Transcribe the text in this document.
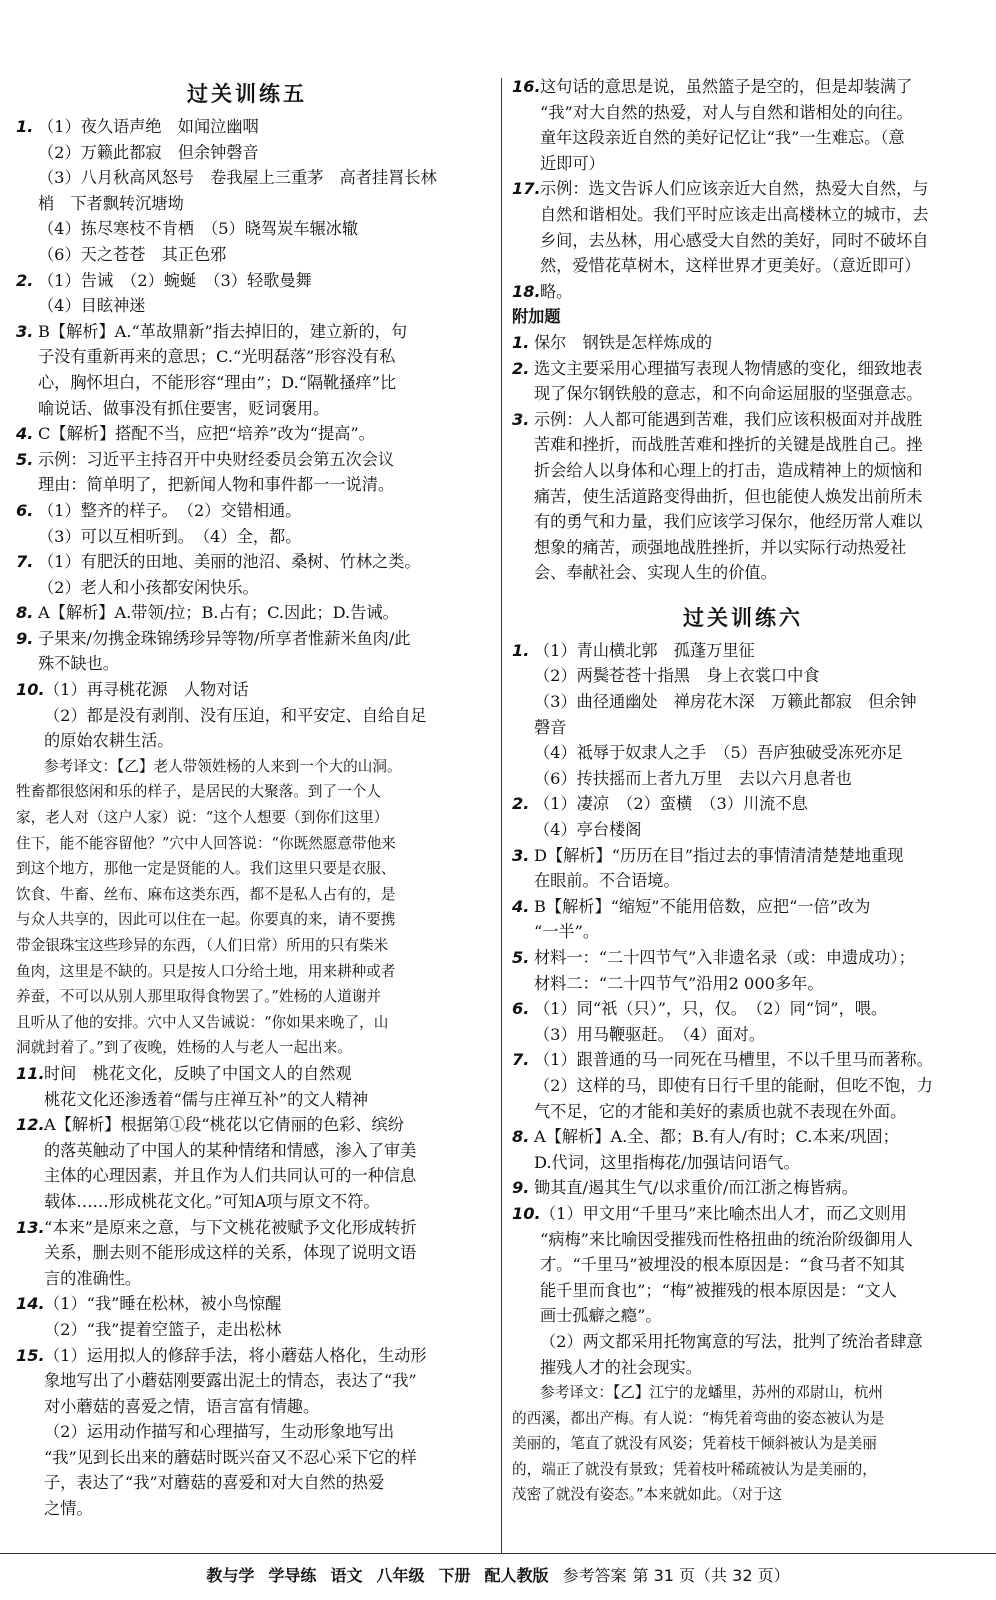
过关训练五
1. （1）夜久语声绝　如闻泣幽咽
（2）万籁此都寂　但余钟磬音
（3）八月秋高风怒号　卷我屋上三重茅　高者挂罥长林
梢　下者飘转沉塘坳
（4）拣尽寒枝不肯栖　（5）晓驾炭车辗冰辙
（6）天之苍苍　其正色邪
2. （1）告诫　（2）蜿蜒　（3）轻歌曼舞
（4）目眩神迷
3. B【解析】A.“革故鼎新”指去掉旧的，建立新的，句
子没有重新再来的意思；C.“光明磊落”形容没有私
心，胸怀坦白，不能形容“理由”；D.“隔靴搔痒”比
喻说话、做事没有抓住要害，贬词褒用。
4. C【解析】搭配不当，应把“培养”改为“提高”。
5. 示例：习近平主持召开中央财经委员会第五次会议
理由：简单明了，把新闻人物和事件都一一说清。
6. （1）整齐的样子。　（2）交错相通。
（3）可以互相听到。　（4）全，都。
7. （1）有肥沃的田地、美丽的池沼、桑树、竹林之类。
（2）老人和小孩都安闲快乐。
8. A【解析】A.带领/拉；B.占有；C.因此；D.告诫。
9. 子果来/勿携金珠锦绣珍异等物/所享者惟薪米鱼肉/此
殊不缺也。
10. （1）再寻桃花源　人物对话
（2）都是没有剥削、没有压迫，和平安定、自给自足
的原始农耕生活。
参考译文：【乙】老人带领姓杨的人来到一个大的山洞。
牲畜都很悠闲和乐的样子，是居民的大聚落。到了一个人
家，老人对（这户人家）说：“这个人想要（到你们这里）
住下，能不能容留他？”穴中人回答说：“你既然愿意带他来
到这个地方，那他一定是贤能的人。我们这里只要是衣服、
饮食、牛畜、丝布、麻布这类东西，都不是私人占有的，是
与众人共享的，因此可以住在一起。你要真的来，请不要携
带金银珠宝这些珍异的东西，（人们日常）所用的只有柴米
鱼肉，这里是不缺的。只是按人口分给土地，用来耕种或者
养蚕，不可以从别人那里取得食物罢了。”姓杨的人道谢并
且听从了他的安排。穴中人又告诫说：“你如果来晚了，山
洞就封着了。”到了夜晚，姓杨的人与老人一起出来。
11. 时间　桃花文化，反映了中国文人的自然观
桃花文化还渗透着“儒与庄禅互补”的文人精神
12. A【解析】根据第①段“桃花以它倩丽的色彩、缤纷
的落英触动了中国人的某种情绪和情感，渗入了审美
主体的心理因素，并且作为人们共同认可的一种信息
载体……形成桃花文化。”可知A项与原文不符。
13. “本来”是原来之意，与下文桃花被赋予文化形成转折
关系，删去则不能形成这样的关系，体现了说明文语
言的准确性。
14. （1）“我”睡在松林，被小鸟惊醒
（2）“我”提着空篮子，走出松林
15. （1）运用拟人的修辞手法，将小蘑菇人格化，生动形
象地写出了小蘑菇刚要露出泥土的情态，表达了“我”
对小蘑菇的喜爱之情，语言富有情趣。
（2）运用动作描写和心理描写，生动形象地写出
“我”见到长出来的蘑菇时既兴奋又不忍心采下它的样
子，表达了“我”对蘑菇的喜爱和对大自然的热爱
之情。
16. 这句话的意思是说，虽然篮子是空的，但是却装满了
“我”对大自然的热爱，对人与自然和谐相处的向往。
童年这段亲近自然的美好记忆让“我”一生难忘。（意
近即可）
17. 示例：选文告诉人们应该亲近大自然，热爱大自然，与
自然和谐相处。我们平时应该走出高楼林立的城市，去
乡间，去丛林，用心感受大自然的美好，同时不破坏自
然，爱惜花草树木，这样世界才更美好。（意近即可）
18. 略。
附加题
1. 保尔　钢铁是怎样炼成的
2. 选文主要采用心理描写表现人物情感的变化，细致地表
现了保尔钢铁般的意志，和不向命运屈服的坚强意志。
3. 示例：人人都可能遇到苦难，我们应该积极面对并战胜
苦难和挫折，而战胜苦难和挫折的关键是战胜自己。挫
折会给人以身体和心理上的打击，造成精神上的烦恼和
痛苦，使生活道路变得曲折，但也能使人焕发出前所未
有的勇气和力量，我们应该学习保尔，他经历常人难以
想象的痛苦，顽强地战胜挫折，并以实际行动热爱社
会、奉献社会、实现人生的价值。
过关训练六
1. （1）青山横北郭　孤蓬万里征
（2）两鬓苍苍十指黑　身上衣裳口中食
（3）曲径通幽处　禅房花木深　万籁此都寂　但余钟
磬音
（4）祗辱于奴隶人之手　（5）吾庐独破受冻死亦足
（6）抟扶摇而上者九万里　去以六月息者也
2. （1）凄凉　（2）蛮横　（3）川流不息
（4）亭台楼阁
3. D【解析】“历历在目”指过去的事情清清楚楚地重现
在眼前。不合语境。
4. B【解析】“缩短”不能用倍数，应把“一倍”改为
“一半”。
5. 材料一：“二十四节气”入非遗名录（或：申遗成功）；
材料二：“二十四节气”沿用2 000多年。
6. （1）同“祇（只）”，只，仅。　（2）同“饲”，喂。
（3）用马鞭驱赶。　（4）面对。
7. （1）跟普通的马一同死在马槽里，不以千里马而著称。
（2）这样的马，即使有日行千里的能耐，但吃不饱，力
气不足，它的才能和美好的素质也就不表现在外面。
8. A【解析】A.全、都；B.有人/有时；C.本来/巩固；
D.代词，这里指梅花/加强诘问语气。
9. 锄其直/遏其生气/以求重价/而江浙之梅皆病。
10. （1）甲文用“千里马”来比喻杰出人才，而乙文则用
“病梅”来比喻因受摧残而性格扭曲的统治阶级御用人
才。“千里马”被埋没的根本原因是：“食马者不知其
能千里而食也”；“梅”被摧残的根本原因是：“文人
画士孤癖之瘾”。
（2）两文都采用托物寓意的写法，批判了统治者肆意
摧残人才的社会现实。
参考译文：【乙】江宁的龙蟠里，苏州的邓尉山，杭州
的西溪，都出产梅。有人说：“梅凭着弯曲的姿态被认为是
美丽的，笔直了就没有风姿；凭着枝干倾斜被认为是美丽
的，端正了就没有景致；凭着枝叶稀疏被认为是美丽的，
茂密了就没有姿态。”本来就如此。（对于这
教与学 学导练 语文 八年级 下册 配人教版 参考答案 第 31 页（共 32 页）
